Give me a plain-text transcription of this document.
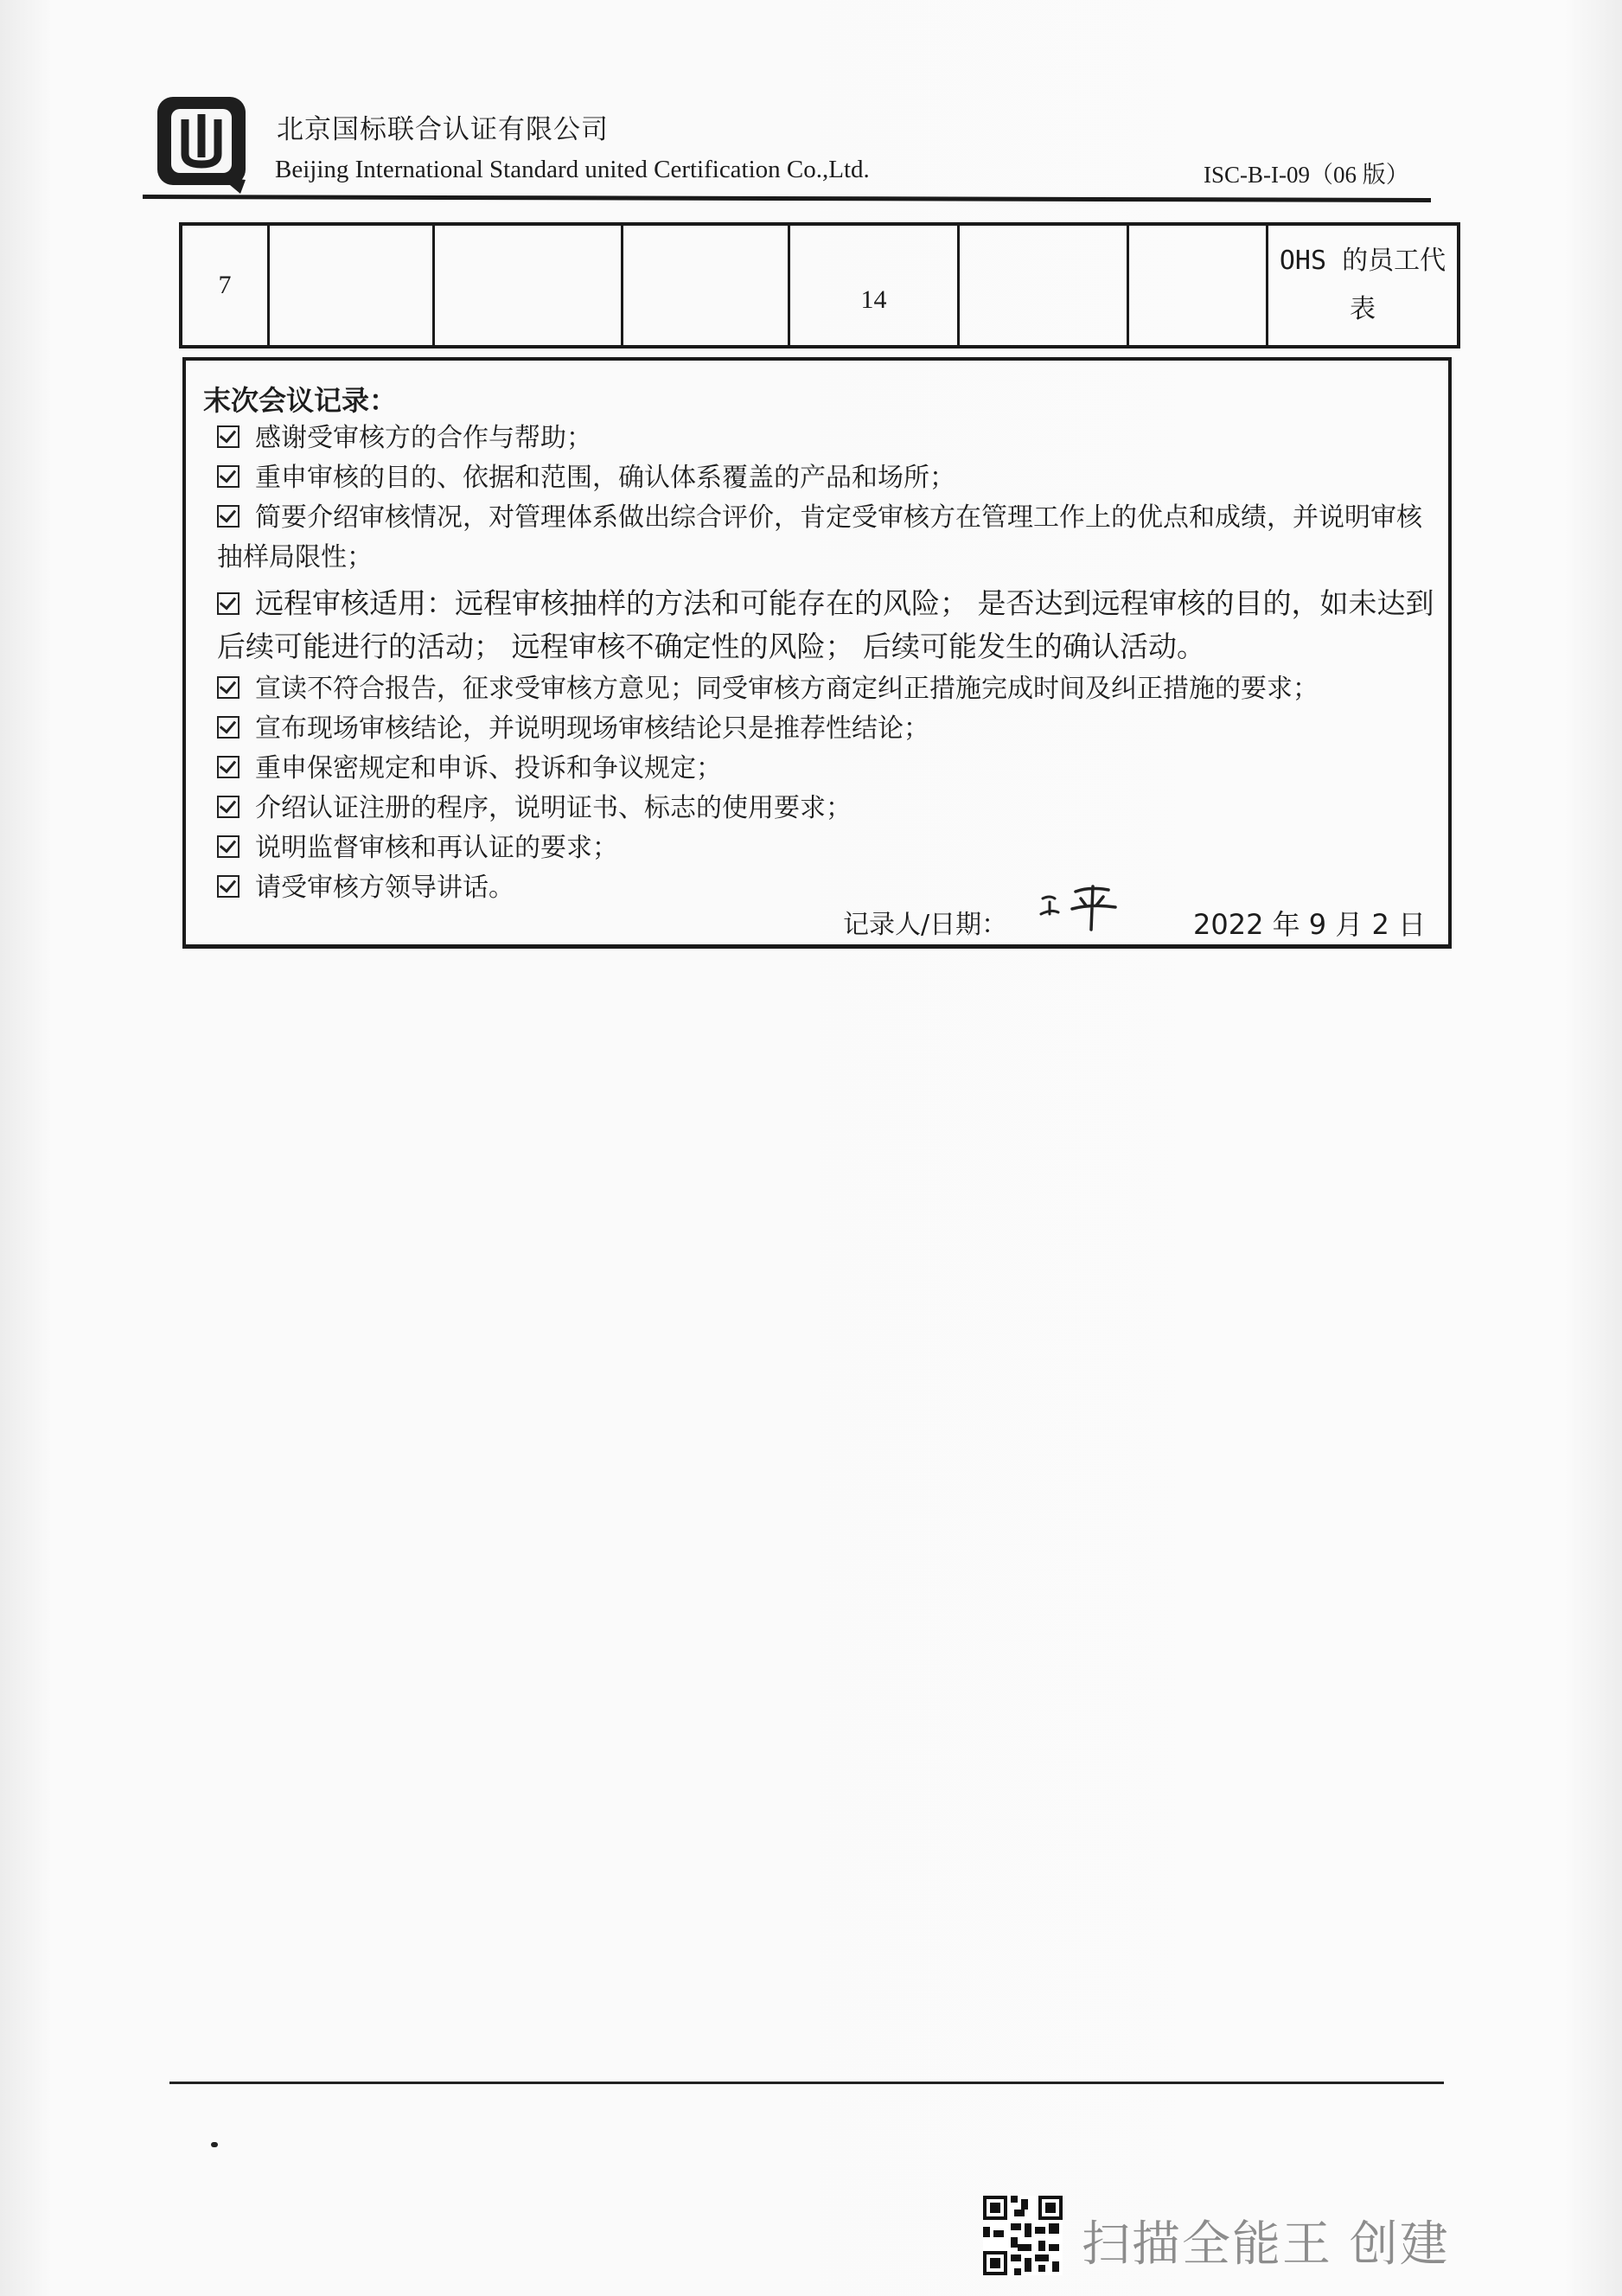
北京国标联合认证有限公司
Beijing International Standard united Certification Co.,Ltd.	ISC-B-I-09（06 版）
7				14			OHS 的员工代表
末次会议记录：
感谢受审核方的合作与帮助；
重申审核的目的、依据和范围，确认体系覆盖的产品和场所；
简要介绍审核情况，对管理体系做出综合评价，肯定受审核方在管理工作上的优点和成绩，并说明审核抽样局限性；
远程审核适用：远程审核抽样的方法和可能存在的风险； 是否达到远程审核的目的，如未达到后续可能进行的活动； 远程审核不确定性的风险； 后续可能发生的确认活动。
宣读不符合报告，征求受审核方意见；同受审核方商定纠正措施完成时间及纠正措施的要求；
宣布现场审核结论，并说明现场审核结论只是推荐性结论；
重申保密规定和申诉、投诉和争议规定；
介绍认证注册的程序，说明证书、标志的使用要求；
说明监督审核和再认证的要求；
请受审核方领导讲话。
记录人/日期：	2022 年 9 月 2 日
扫描全能王 创建
